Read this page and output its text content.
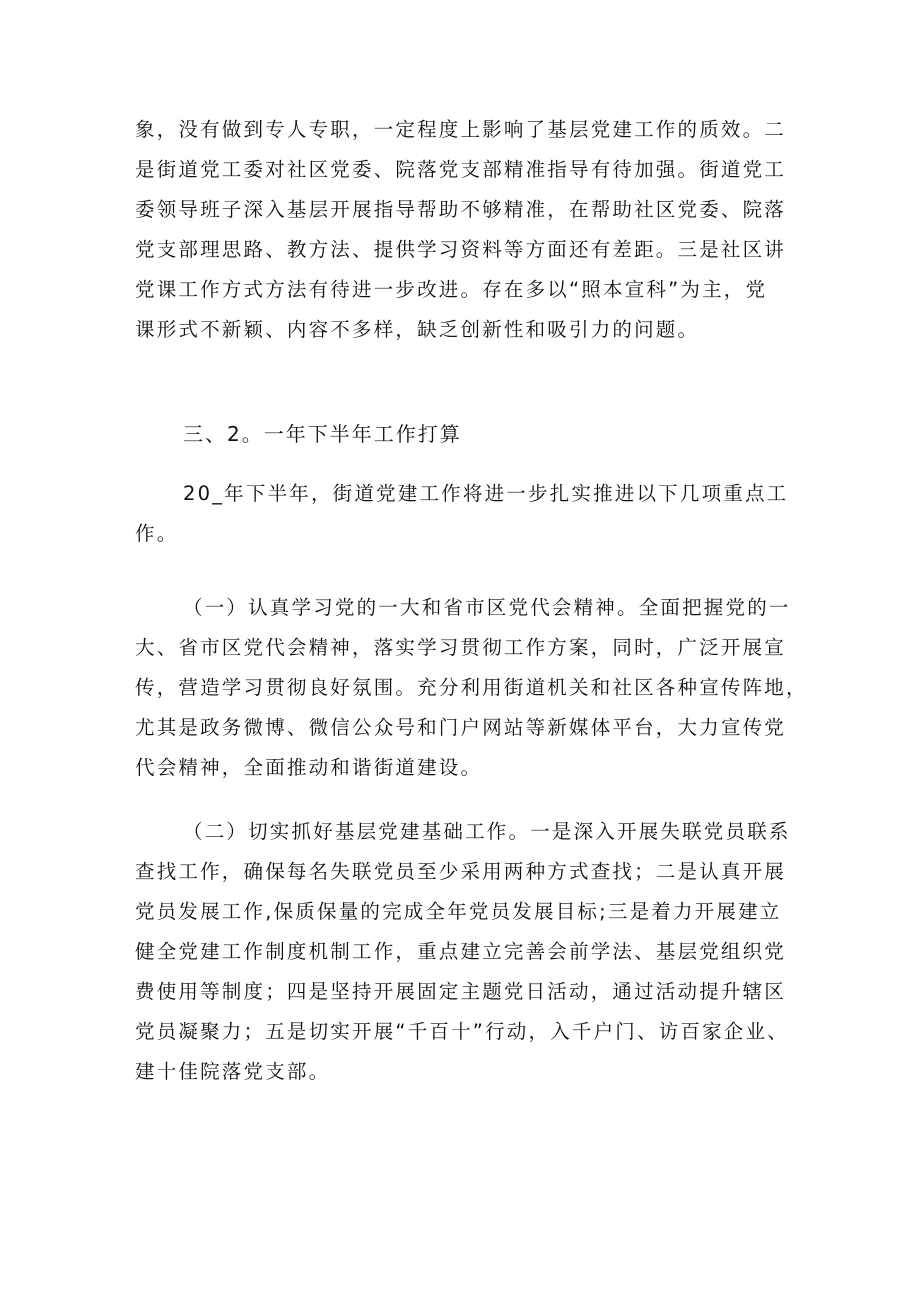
象，没有做到专人专职，一定程度上影响了基层党建工作的质效。二
是街道党工委对社区党委、院落党支部精准指导有待加强。街道党工
委领导班子深入基层开展指导帮助不够精准，在帮助社区党委、院落
党支部理思路、教方法、提供学习资料等方面还有差距。三是社区讲
党课工作方式方法有待进一步改进。存在多以“照本宣科”为主，党
课形式不新颖、内容不多样，缺乏创新性和吸引力的问题。
三、2。一年下半年工作打算
20_年下半年，街道党建工作将进一步扎实推进以下几项重点工
作。
（一）认真学习党的一大和省市区党代会精神。全面把握党的一
大、省市区党代会精神，落实学习贯彻工作方案，同时，广泛开展宣
传，营造学习贯彻良好氛围。充分利用街道机关和社区各种宣传阵地，
尤其是政务微博、微信公众号和门户网站等新媒体平台，大力宣传党
代会精神，全面推动和谐街道建设。
（二）切实抓好基层党建基础工作。一是深入开展失联党员联系
查找工作，确保每名失联党员至少采用两种方式查找；二是认真开展
党员发展工作,保质保量的完成全年党员发展目标;三是着力开展建立
健全党建工作制度机制工作，重点建立完善会前学法、基层党组织党
费使用等制度；四是坚持开展固定主题党日活动，通过活动提升辖区
党员凝聚力；五是切实开展“千百十”行动，入千户门、访百家企业、
建十佳院落党支部。
